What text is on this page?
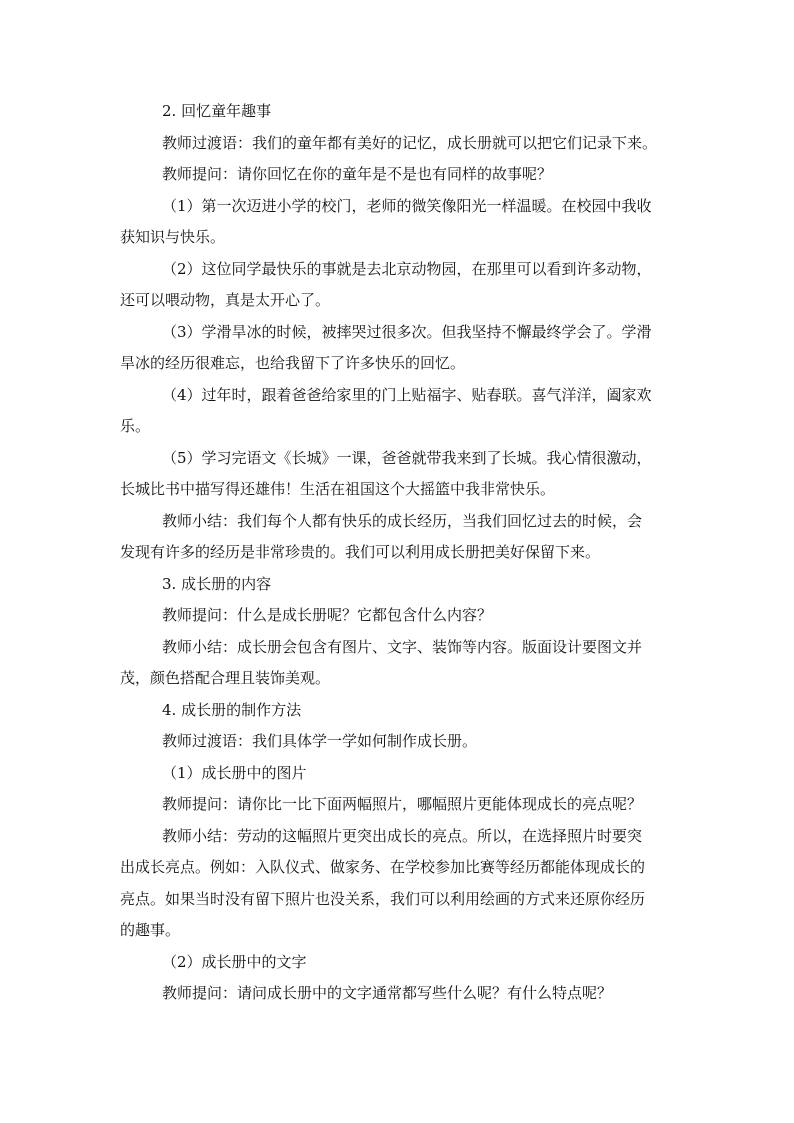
2. 回忆童年趣事

教师过渡语：我们的童年都有美好的记忆，成长册就可以把它们记录下来。

教师提问：请你回忆在你的童年是不是也有同样的故事呢？

（1）第一次迈进小学的校门，老师的微笑像阳光一样温暖。在校园中我收

获知识与快乐。

（2）这位同学最快乐的事就是去北京动物园，在那里可以看到许多动物，

还可以喂动物，真是太开心了。

（3）学滑旱冰的时候，被摔哭过很多次。但我坚持不懈最终学会了。学滑

旱冰的经历很难忘，也给我留下了许多快乐的回忆。

（4）过年时，跟着爸爸给家里的门上贴福字、贴春联。喜气洋洋，阖家欢

乐。

（5）学习完语文《长城》一课，爸爸就带我来到了长城。我心情很激动，

长城比书中描写得还雄伟！生活在祖国这个大摇篮中我非常快乐。

教师小结：我们每个人都有快乐的成长经历，当我们回忆过去的时候，会

发现有许多的经历是非常珍贵的。我们可以利用成长册把美好保留下来。

3. 成长册的内容

教师提问：什么是成长册呢？它都包含什么内容？

教师小结：成长册会包含有图片、文字、装饰等内容。版面设计要图文并

茂，颜色搭配合理且装饰美观。

4. 成长册的制作方法

教师过渡语：我们具体学一学如何制作成长册。

（1）成长册中的图片

教师提问：请你比一比下面两幅照片，哪幅照片更能体现成长的亮点呢？

教师小结：劳动的这幅照片更突出成长的亮点。所以，在选择照片时要突

出成长亮点。例如：入队仪式、做家务、在学校参加比赛等经历都能体现成长的

亮点。如果当时没有留下照片也没关系，我们可以利用绘画的方式来还原你经历

的趣事。

（2）成长册中的文字

教师提问：请问成长册中的文字通常都写些什么呢？有什么特点呢？
